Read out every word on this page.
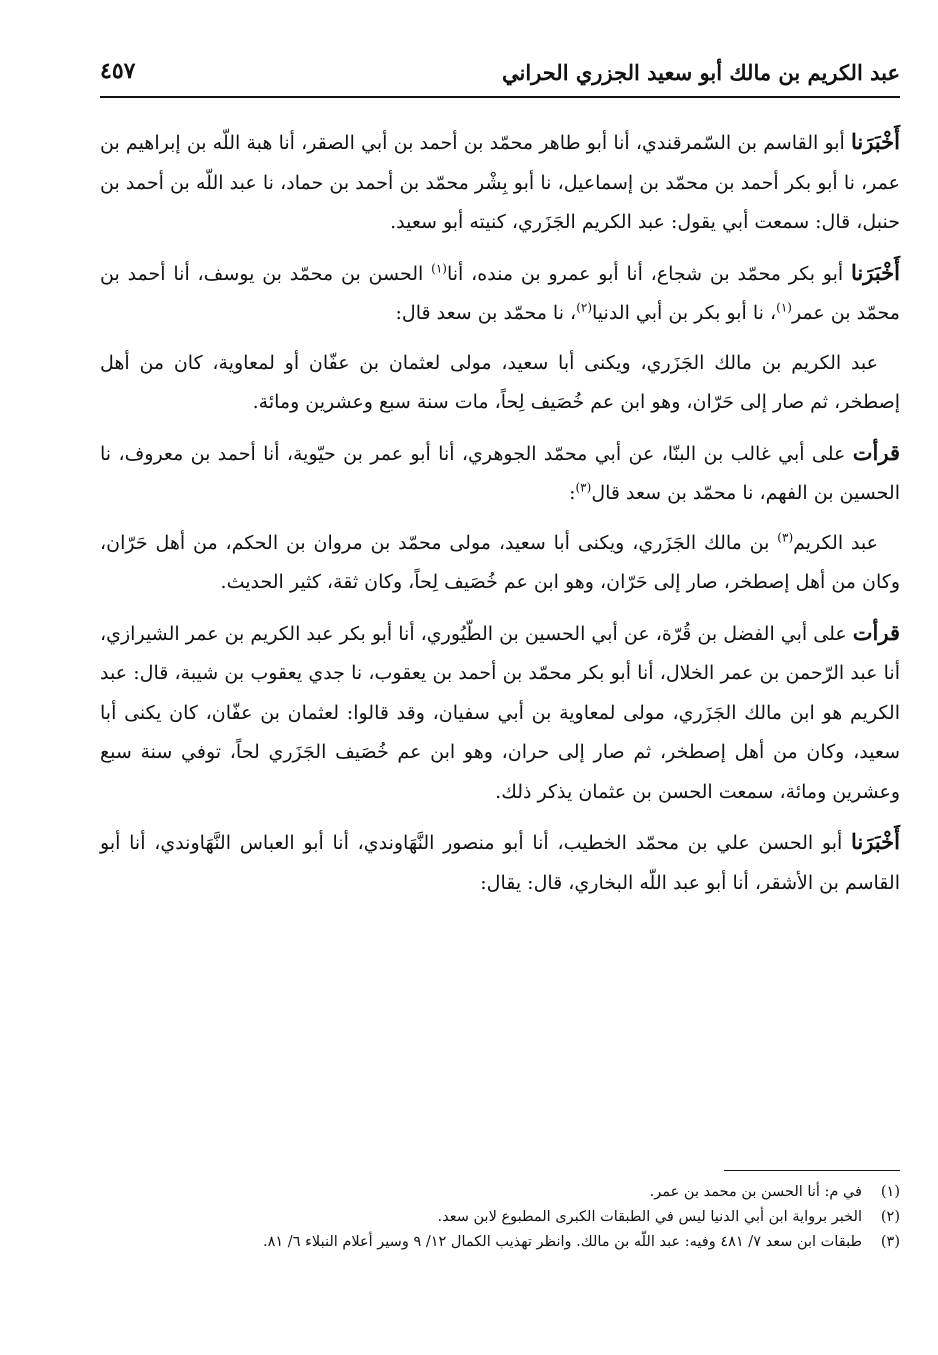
عبد الكريم بن مالك أبو سعيد الجزري الحراني
٤٥٧

أَخْبَرَنا أبو القاسم بن السّمرقندي، أنا أبو طاهر محمّد بن أحمد بن أبي الصقر، أنا هبة اللّه بن إبراهيم بن عمر، نا أبو بكر أحمد بن محمّد بن إسماعيل، نا أبو بِشْر محمّد بن أحمد بن حماد، نا عبد اللّه بن أحمد بن حنبل، قال: سمعت أبي يقول: عبد الكريم الجَزَري، كنيته أبو سعيد.

أَخْبَرَنا أبو بكر محمّد بن شجاع، أنا أبو عمرو بن منده، أنا$^{(١)}$ الحسن بن محمّد بن يوسف، أنا أحمد بن محمّد بن عمر$^{(١)}$، نا أبو بكر بن أبي الدنيا$^{(٢)}$، نا محمّد بن سعد قال:

عبد الكريم بن مالك الجَزَري، ويكنى أبا سعيد، مولى لعثمان بن عفّان أو لمعاوية، كان من أهل إصطخر، ثم صار إلى حَرّان، وهو ابن عم خُصَيف لِحاً، مات سنة سبع وعشرين ومائة.

قرأت على أبي غالب بن البنّا، عن أبي محمّد الجوهري، أنا أبو عمر بن حيّوية، أنا أحمد بن معروف، نا الحسين بن الفهم، نا محمّد بن سعد قال$^{(٣)}$:

عبد الكريم$^{(٣)}$ بن مالك الجَزَري، ويكنى أبا سعيد، مولى محمّد بن مروان بن الحكم، من أهل حَرّان، وكان من أهل إصطخر، صار إلى حَرّان، وهو ابن عم خُصَيف لِحاً، وكان ثقة، كثير الحديث.

قرأت على أبي الفضل بن قُرّة، عن أبي الحسين بن الطّيُوري، أنا أبو بكر عبد الكريم بن عمر الشيرازي، أنا عبد الرّحمن بن عمر الخلال، أنا أبو بكر محمّد بن أحمد بن يعقوب، نا جدي يعقوب بن شيبة، قال: عبد الكريم هو ابن مالك الجَزَري، مولى لمعاوية بن أبي سفيان، وقد قالوا: لعثمان بن عفّان، كان يكنى أبا سعيد، وكان من أهل إصطخر، ثم صار إلى حران، وهو ابن عم خُصَيف الجَزَري لحاً، توفي سنة سبع وعشرين ومائة، سمعت الحسن بن عثمان يذكر ذلك.

أَخْبَرَنا أبو الحسن علي بن محمّد الخطيب، أنا أبو منصور النَّهَاوندي، أنا أبو العباس النَّهَاوندي، أنا أبو القاسم بن الأشقر، أنا أبو عبد اللّه البخاري، قال: يقال:

(١)
في م: أنا الحسن بن محمد بن عمر.
(٢)
الخبر برواية ابن أبي الدنيا ليس في الطبقات الكبرى المطبوع لابن سعد.
(٣)
طبقات ابن سعد ٧/ ٤٨١ وفيه: عبد اللّه بن مالك. وانظر تهذيب الكمال ١٢/ ٩ وسير أعلام النبلاء ٦/ ٨١.
